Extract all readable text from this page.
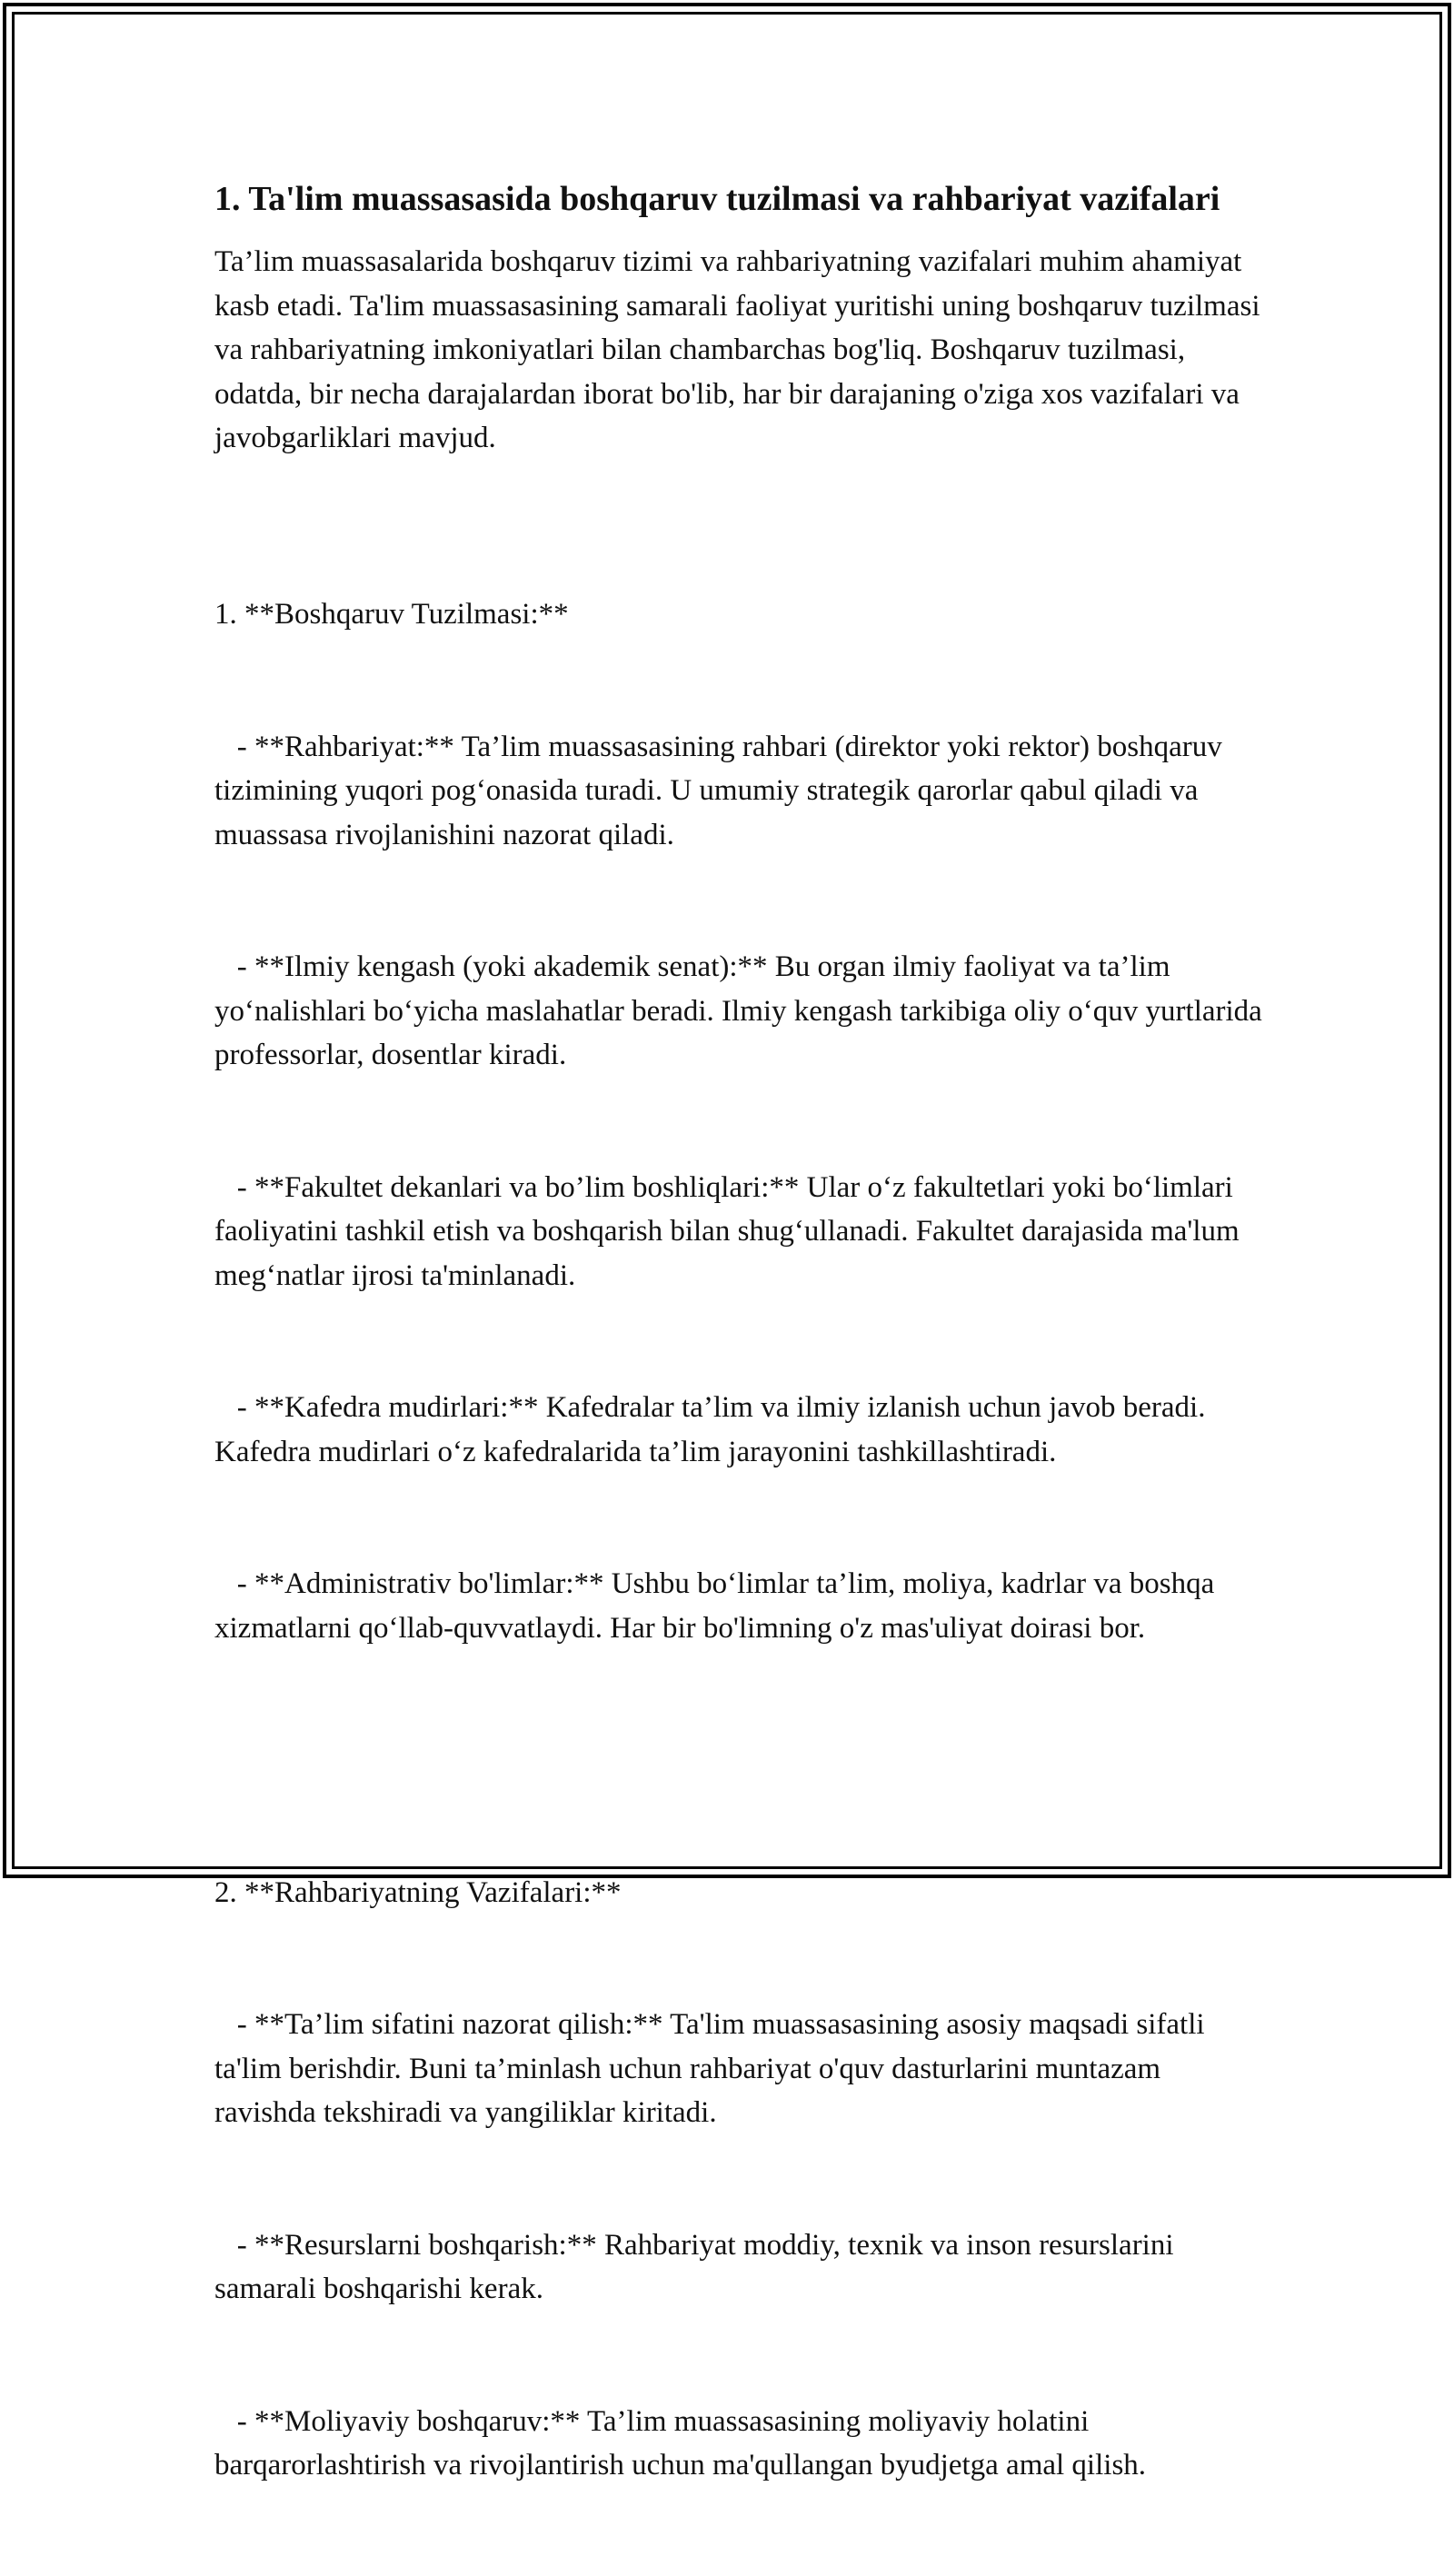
1. Ta'lim muassasasida boshqaruv tuzilmasi va rahbariyat vazifalari

Ta’lim muassasalarida boshqaruv tizimi va rahbariyatning vazifalari muhim ahamiyat kasb etadi. Ta'lim muassasasining samarali faoliyat yuritishi uning boshqaruv tuzilmasi va rahbariyatning imkoniyatlari bilan chambarchas bog'liq. Boshqaruv tuzilmasi, odatda, bir necha darajalardan iborat bo'lib, har bir darajaning o'ziga xos vazifalari va javobgarliklari mavjud.

1. **Boshqaruv Tuzilmasi:**

- **Rahbariyat:** Ta’lim muassasasining rahbari (direktor yoki rektor) boshqaruv tizimining yuqori pog‘onasida turadi. U umumiy strategik qarorlar qabul qiladi va muassasa rivojlanishini nazorat qiladi.

- **Ilmiy kengash (yoki akademik senat):** Bu organ ilmiy faoliyat va ta’lim yo‘nalishlari bo‘yicha maslahatlar beradi. Ilmiy kengash tarkibiga oliy o‘quv yurtlarida professorlar, dosentlar kiradi.

- **Fakultet dekanlari va bo’lim boshliqlari:** Ular o‘z fakultetlari yoki bo‘limlari faoliyatini tashkil etish va boshqarish bilan shug‘ullanadi. Fakultet darajasida ma'lum meg‘natlar ijrosi ta'minlanadi.

- **Kafedra mudirlari:** Kafedralar ta’lim va ilmiy izlanish uchun javob beradi. Kafedra mudirlari o‘z kafedralarida ta’lim jarayonini tashkillashtiradi.

- **Administrativ bo'limlar:** Ushbu bo‘limlar ta’lim, moliya, kadrlar va boshqa xizmatlarni qo‘llab-quvvatlaydi. Har bir bo'limning o'z mas'uliyat doirasi bor.

2. **Rahbariyatning Vazifalari:**

- **Ta’lim sifatini nazorat qilish:** Ta'lim muassasasining asosiy maqsadi sifatli ta'lim berishdir. Buni ta’minlash uchun rahbariyat o'quv dasturlarini muntazam ravishda tekshiradi va yangiliklar kiritadi.

- **Resurslarni boshqarish:** Rahbariyat moddiy, texnik va inson resurslarini samarali boshqarishi kerak.

- **Moliyaviy boshqaruv:** Ta’lim muassasasining moliyaviy holatini barqarorlashtirish va rivojlantirish uchun ma'qullangan byudjetga amal qilish.
